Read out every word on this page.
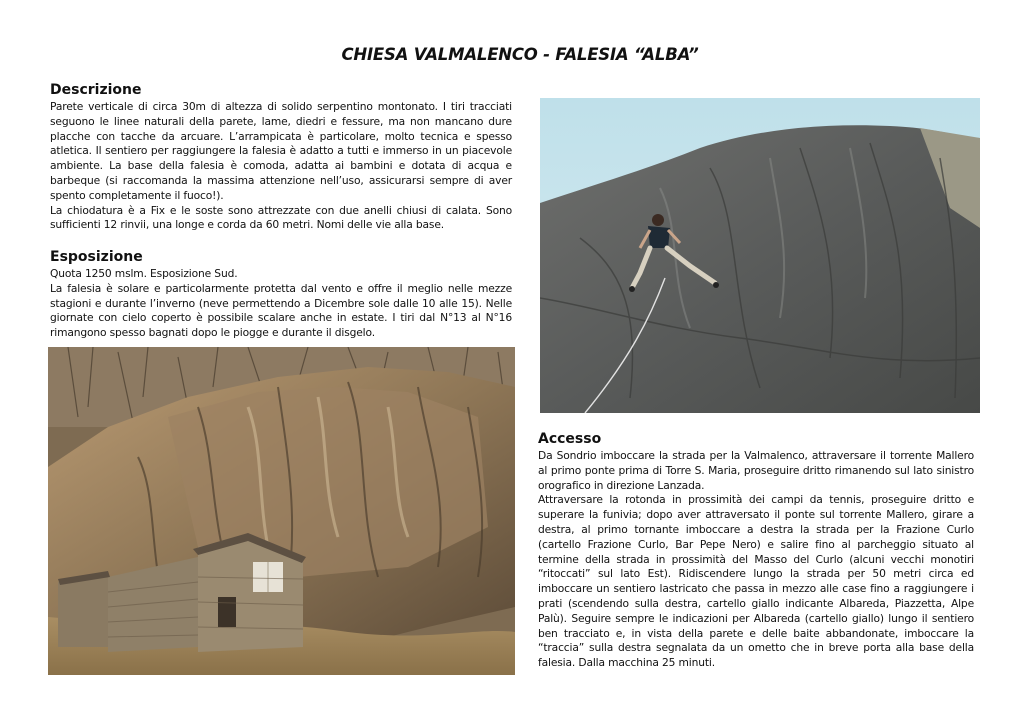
CHIESA VALMALENCO - FALESIA “ALBA”
Descrizione

Parete verticale di circa 30m di altezza di solido serpentino montonato. I tiri tracciati seguono le linee naturali della parete, lame, diedri e fessure, ma non mancano dure placche con tacche da arcuare. L’arrampicata è particolare, molto tecnica e spesso atletica. Il sentiero per raggiungere la falesia è adatto a tutti e immerso in un piacevole ambiente. La base della falesia è comoda, adatta ai bambini e dotata di acqua e barbeque (si raccomanda la massima attenzione nell’uso, assicurarsi sempre di aver spento completamente il fuoco!).

La chiodatura è a Fix e le soste sono attrezzate con due anelli chiusi di calata. Sono sufficienti 12 rinvii, una longe e corda da 60 metri. Nomi delle vie alla base.

Esposizione

Quota 1250 mslm. Esposizione Sud.

La falesia è solare e particolarmente protetta dal vento e offre il meglio nelle mezze stagioni e durante l’inverno (neve permettendo a Dicembre sole dalle 10 alle 15). Nelle giornate con cielo coperto è possibile scalare anche in estate. I tiri dal N°13 al N°16 rimangono spesso bagnati dopo le piogge e durante il disgelo.

Accesso

Da Sondrio imboccare la strada per la Valmalenco, attraversare il torrente Mallero al primo ponte prima di Torre S. Maria, proseguire dritto rimanendo sul lato sinistro orografico in direzione Lanzada.

Attraversare la rotonda in prossimità dei campi da tennis, proseguire dritto e superare la funivia; dopo aver attraversato il ponte sul torrente Mallero, girare a destra, al primo tornante imboccare a destra la strada per la Frazione Curlo (cartello Frazione Curlo, Bar Pepe Nero) e salire fino al parcheggio situato al termine della strada in prossimità del Masso del Curlo (alcuni vecchi monotiri “ritoccati” sul lato Est). Ridiscendere lungo la strada per 50 metri circa ed imboccare un sentiero lastricato che passa in mezzo alle case fino a raggiungere i prati (scendendo sulla destra, cartello giallo indicante Albareda, Piazzetta, Alpe Palù). Seguire sempre le indicazioni per Albareda (cartello giallo) lungo il sentiero ben tracciato e, in vista della parete e delle baite abbandonate, imboccare la “traccia” sulla destra segnalata da un ometto che in breve porta alla base della falesia. Dalla macchina 25 minuti.
